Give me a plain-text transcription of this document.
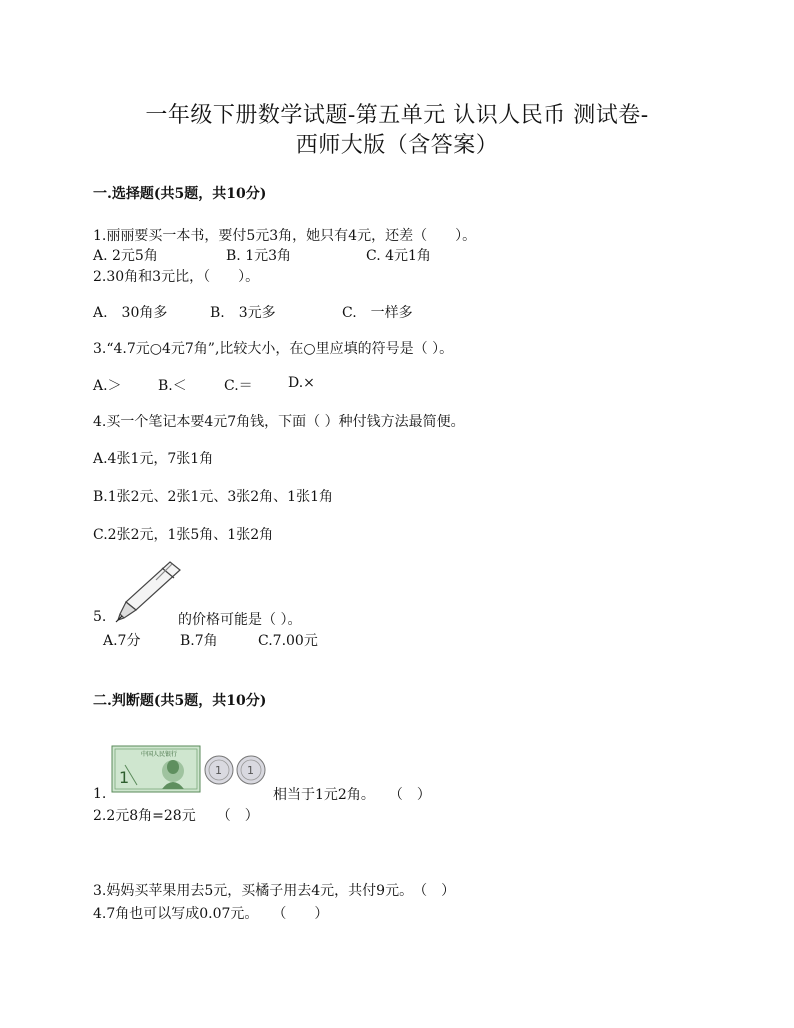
一年级下册数学试题-第五单元 认识人民币 测试卷-
西师大版（含答案）
一.选择题(共5题，共10分)
1.丽丽要买一本书，要付5元3角，她只有4元，还差（　　）。
A. 2元5角	B. 1元3角	C. 4元1角
2.30角和3元比，（　　）。
A.　30角多	B.　3元多	C.　一样多
3.“4.7元○4元7角”,比较大小，在○里应填的符号是（ ）。
A.＞	B.＜	C.＝	D.×
4.买一个笔记本要4元7角钱，下面（ ）种付钱方法最简便。
A.4张1元，7张1角
B.1张2元、2张1元、3张2角、1张1角
C.2张2元，1张5角、1张2角
5.	的价格可能是（ ）。
A.7分	B.7角	C.7.00元
二.判断题(共5题，共10分)
中国人民银行
1	1 1
1.	相当于1元2角。　　（　）
2.2元8角=28元　　（　）
3.妈妈买苹果用去5元，买橘子用去4元，共付9元。　（　）
4.7角也可以写成0.07元。　　（　　）
